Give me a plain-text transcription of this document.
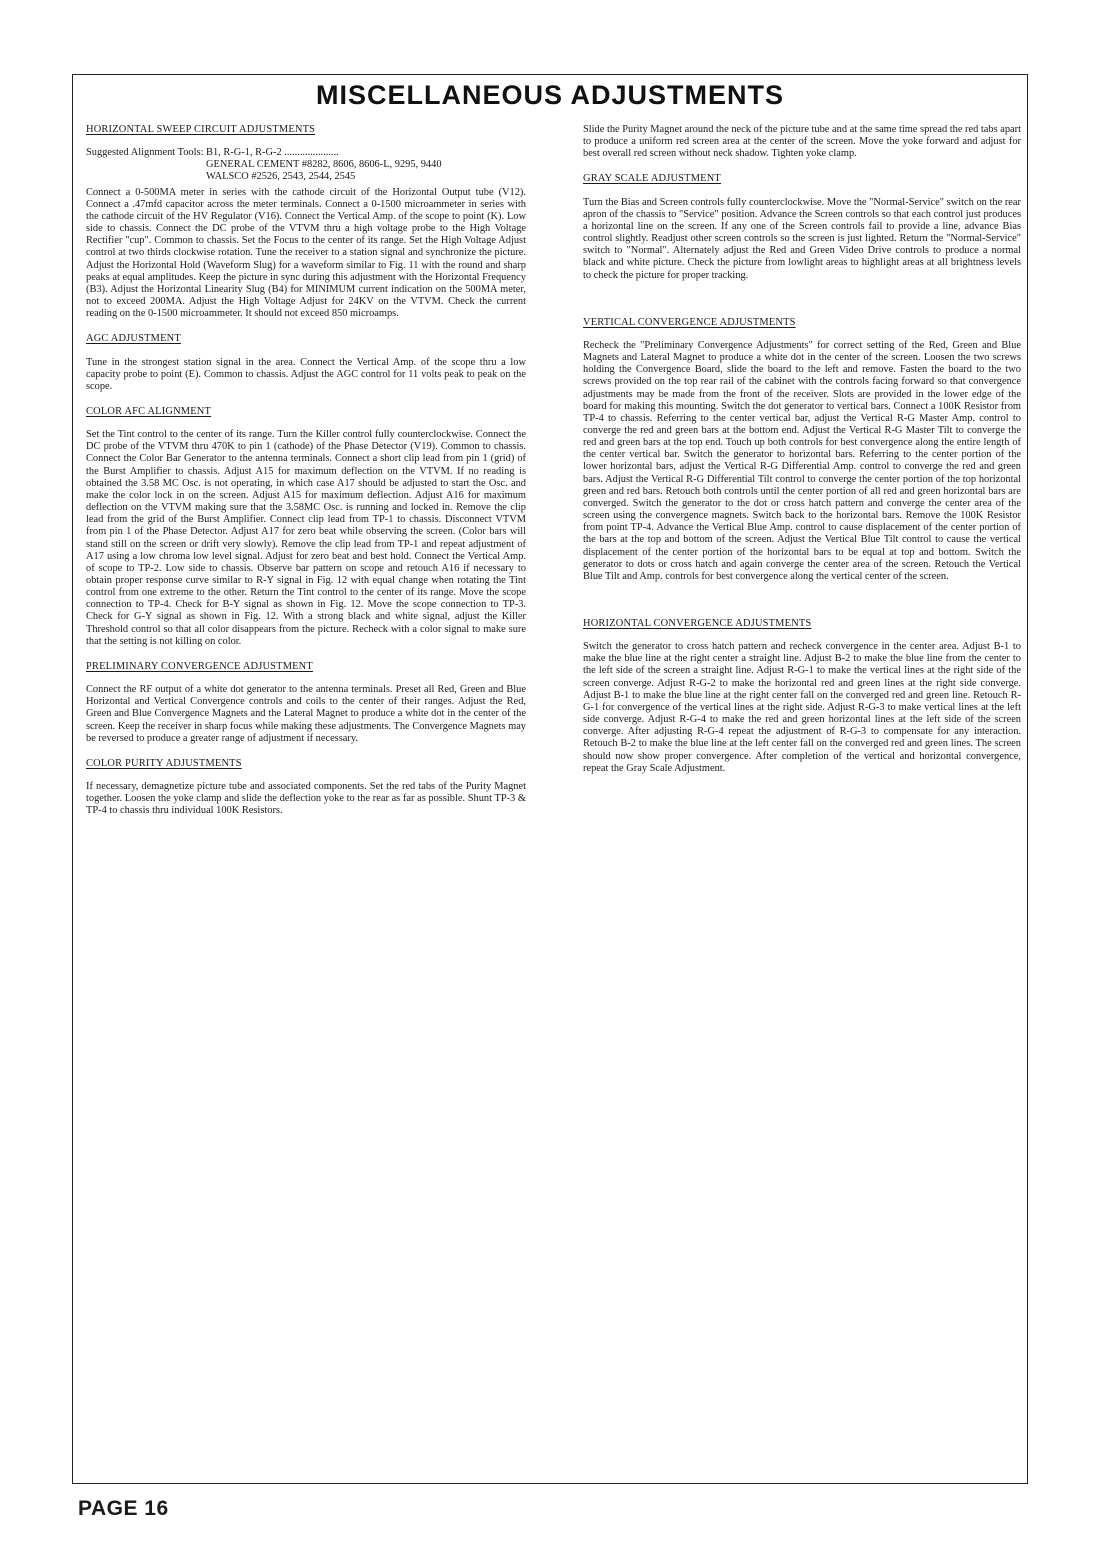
MISCELLANEOUS ADJUSTMENTS
HORIZONTAL SWEEP CIRCUIT ADJUSTMENTS
Suggested Alignment Tools: B1, R-G-1, R-G-2 .....................
GENERAL CEMENT #8282, 8606, 8606-L, 9295, 9440
WALSCO #2526, 2543, 2544, 2545

Connect a 0-500MA meter in series with the cathode circuit of the Horizontal Output tube (V12). Connect a .47mfd capacitor across the meter terminals. Connect a 0-1500 microammeter in series with the cathode circuit of the HV Regulator (V16). Connect the Vertical Amp. of the scope to point (K). Low side to chassis. Connect the DC probe of the VTVM thru a high voltage probe to the High Voltage Rectifier "cup". Common to chassis. Set the Focus to the center of its range. Set the High Voltage Adjust control at two thirds clockwise rotation. Tune the receiver to a station signal and synchronize the picture. Adjust the Horizontal Hold (Waveform Slug) for a waveform similar to Fig. 11 with the round and sharp peaks at equal amplitudes. Keep the picture in sync during this adjustment with the Horizontal Frequency (B3). Adjust the Horizontal Linearity Slug (B4) for MINIMUM current indication on the 500MA meter, not to exceed 200MA. Adjust the High Voltage Adjust for 24KV on the VTVM. Check the current reading on the 0-1500 microammeter. It should not exceed 850 microamps.

AGC ADJUSTMENT

Tune in the strongest station signal in the area. Connect the Vertical Amp. of the scope thru a low capacity probe to point (E). Common to chassis. Adjust the AGC control for 11 volts peak to peak on the scope.

COLOR AFC ALIGNMENT

Set the Tint control to the center of its range. Turn the Killer control fully counterclockwise. Connect the DC probe of the VTVM thru 470K to pin 1 (cathode) of the Phase Detector (V19). Common to chassis. Connect the Color Bar Generator to the antenna terminals. Connect a short clip lead from pin 1 (grid) of the Burst Amplifier to chassis. Adjust A15 for maximum deflection on the VTVM. If no reading is obtained the 3.58 MC Osc. is not operating, in which case A17 should be adjusted to start the Osc. and make the color lock in on the screen. Adjust A15 for maximum deflection. Adjust A16 for maximum deflection on the VTVM making sure that the 3.58MC Osc. is running and locked in. Remove the clip lead from the grid of the Burst Amplifier. Connect clip lead from TP-1 to chassis. Disconnect VTVM from pin 1 of the Phase Detector. Adjust A17 for zero beat while observing the screen. (Color bars will stand still on the screen or drift very slowly). Remove the clip lead from TP-1 and repeat adjustment of A17 using a low chroma low level signal. Adjust for zero beat and best hold. Connect the Vertical Amp. of scope to TP-2. Low side to chassis. Observe bar pattern on scope and retouch A16 if necessary to obtain proper response curve similar to R-Y signal in Fig. 12 with equal change when rotating the Tint control from one extreme to the other. Return the Tint control to the center of its range. Move the scope connection to TP-4. Check for B-Y signal as shown in Fig. 12. Move the scope connection to TP-3. Check for G-Y signal as shown in Fig. 12. With a strong black and white signal, adjust the Killer Threshold control so that all color disappears from the picture. Recheck with a color signal to make sure that the setting is not killing on color.

PRELIMINARY CONVERGENCE ADJUSTMENT

Connect the RF output of a white dot generator to the antenna terminals. Preset all Red, Green and Blue Horizontal and Vertical Convergence controls and coils to the center of their ranges. Adjust the Red, Green and Blue Convergence Magnets and the Lateral Magnet to produce a white dot in the center of the screen. Keep the receiver in sharp focus while making these adjustments. The Convergence Magnets may be reversed to produce a greater range of adjustment if necessary.

COLOR PURITY ADJUSTMENTS

If necessary, demagnetize picture tube and associated components. Set the red tabs of the Purity Magnet together. Loosen the yoke clamp and slide the deflection yoke to the rear as far as possible. Shunt TP-3 & TP-4 to chassis thru individual 100K Resistors.

Slide the Purity Magnet around the neck of the picture tube and at the same time spread the red tabs apart to produce a uniform red screen area at the center of the screen. Move the yoke forward and adjust for best overall red screen without neck shadow. Tighten yoke clamp.

GRAY SCALE ADJUSTMENT

Turn the Bias and Screen controls fully counterclockwise. Move the "Normal-Service" switch on the rear apron of the chassis to "Service" position. Advance the Screen controls so that each control just produces a horizontal line on the screen. If any one of the Screen controls fail to provide a line, advance Bias control slightly. Readjust other screen controls so the screen is just lighted. Return the "Normal-Service" switch to "Normal". Alternately adjust the Red and Green Video Drive controls to produce a normal black and white picture. Check the picture from lowlight areas to highlight areas at all brightness levels to check the picture for proper tracking.

VERTICAL CONVERGENCE ADJUSTMENTS

Recheck the "Preliminary Convergence Adjustments" for correct setting of the Red, Green and Blue Magnets and Lateral Magnet to produce a white dot in the center of the screen. Loosen the two screws holding the Convergence Board, slide the board to the left and remove. Fasten the board to the two screws provided on the top rear rail of the cabinet with the controls facing forward so that convergence adjustments may be made from the front of the receiver. Slots are provided in the lower edge of the board for making this mounting. Switch the dot generator to vertical bars. Connect a 100K Resistor from TP-4 to chassis. Referring to the center vertical bar, adjust the Vertical R-G Master Amp. control to converge the red and green bars at the bottom end. Adjust the Vertical R-G Master Tilt to converge the red and green bars at the top end. Touch up both controls for best convergence along the entire length of the center vertical bar. Switch the generator to horizontal bars. Referring to the center portion of the lower horizontal bars, adjust the Vertical R-G Differential Amp. control to converge the red and green bars. Adjust the Vertical R-G Differential Tilt control to converge the center portion of the top horizontal green and red bars. Retouch both controls until the center portion of all red and green horizontal bars are converged. Switch the generator to the dot or cross hatch pattern and converge the center area of the screen using the convergence magnets. Switch back to the horizontal bars. Remove the 100K Resistor from point TP-4. Advance the Vertical Blue Amp. control to cause displacement of the center portion of the bars at the top and bottom of the screen. Adjust the Vertical Blue Tilt control to cause the vertical displacement of the center portion of the horizontal bars to be equal at top and bottom. Switch the generator to dots or cross hatch and again converge the center area of the screen. Retouch the Vertical Blue Tilt and Amp. controls for best convergence along the vertical center of the screen.

HORIZONTAL CONVERGENCE ADJUSTMENTS

Switch the generator to cross hatch pattern and recheck convergence in the center area. Adjust B-1 to make the blue line at the right center a straight line. Adjust B-2 to make the blue line from the center to the left side of the screen a straight line. Adjust R-G-1 to make the vertical lines at the right side of the screen converge. Adjust R-G-2 to make the horizontal red and green lines at the right side converge. Adjust B-1 to make the blue line at the right center fall on the converged red and green line. Retouch R-G-1 for convergence of the vertical lines at the right side. Adjust R-G-3 to make vertical lines at the left side converge. Adjust R-G-4 to make the red and green horizontal lines at the left side of the screen converge. After adjusting R-G-4 repeat the adjustment of R-G-3 to compensate for any interaction. Retouch B-2 to make the blue line at the left center fall on the converged red and green lines. The screen should now show proper convergence. After completion of the vertical and horizontal convergence, repeat the Gray Scale Adjustment.

PAGE 16
